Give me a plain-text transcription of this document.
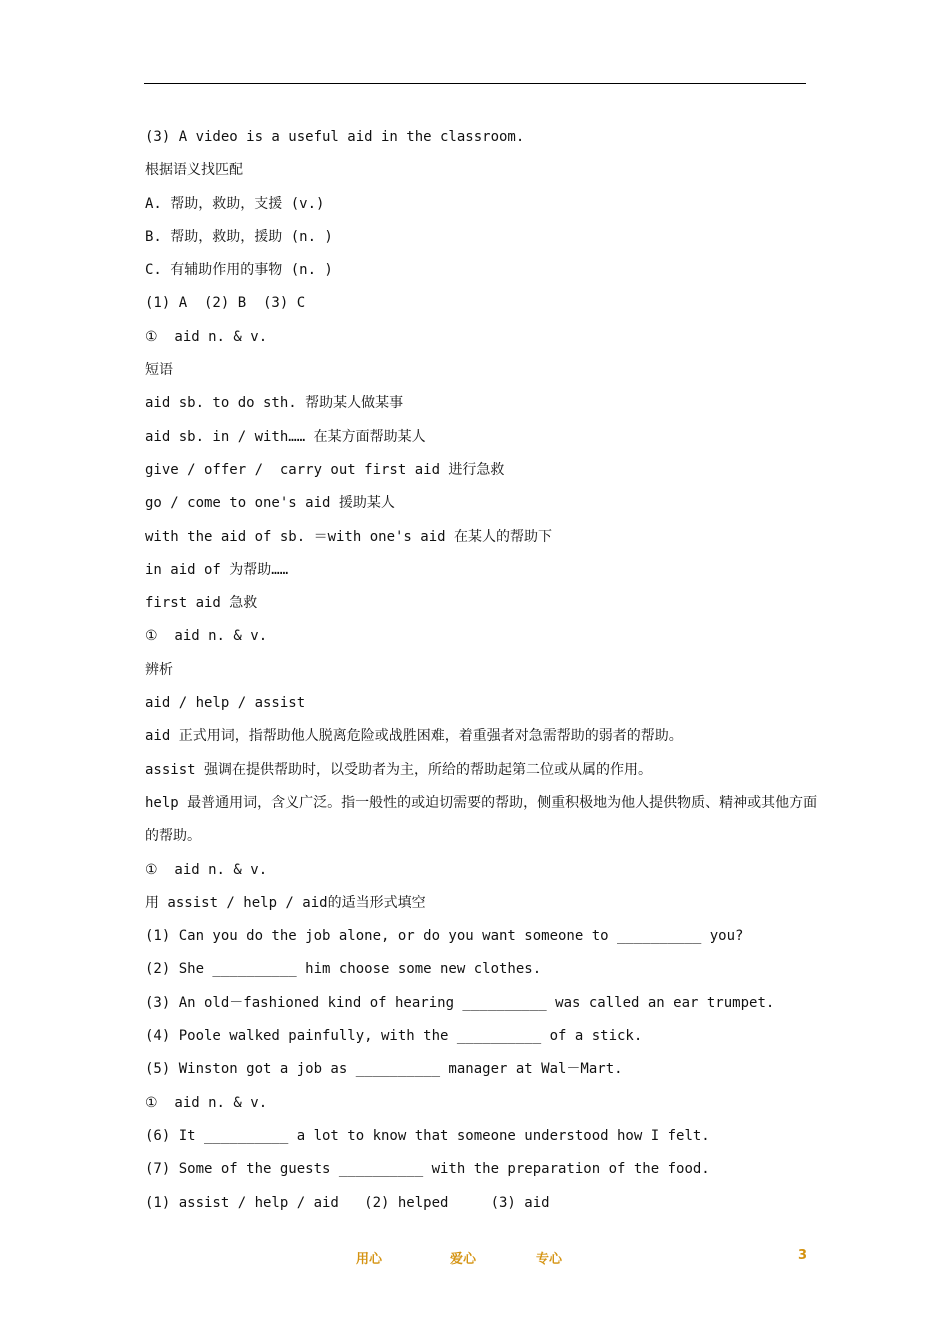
(3) A video is a useful aid in the classroom.
根据语义找匹配
A. 帮助，救助，支援 (v.)
B. 帮助，救助，援助 (n. )
C. 有辅助作用的事物 (n. )
(1) A  (2) B  (3) C
①  aid n. & v.
短语
aid sb. to do sth. 帮助某人做某事
aid sb. in / with…… 在某方面帮助某人
give / offer /  carry out first aid 进行急救
go / come to one's aid 援助某人
with the aid of sb. ＝with one's aid 在某人的帮助下
in aid of 为帮助……
first aid 急救
①  aid n. & v.
辨析
aid / help / assist
aid 正式用词，指帮助他人脱离危险或战胜困难，着重强者对急需帮助的弱者的帮助。
assist 强调在提供帮助时，以受助者为主，所给的帮助起第二位或从属的作用。
help 最普通用词，含义广泛。指一般性的或迫切需要的帮助，侧重积极地为他人提供物质、精神或其他方面的帮助。
①  aid n. & v.
用 assist / help / aid的适当形式填空
(1) Can you do the job alone, or do you want someone to __________ you?
(2) She __________ him choose some new clothes.
(3) An old－fashioned kind of hearing __________ was called an ear trumpet.
(4) Poole walked painfully, with the __________ of a stick.
(5) Winston got a job as __________ manager at Wal－Mart.
①  aid n. & v.
(6) It __________ a lot to know that someone understood how I felt.
(7) Some of the guests __________ with the preparation of the food.
(1) assist / help / aid   (2) helped     (3) aid
用心	爱心	专心	3
